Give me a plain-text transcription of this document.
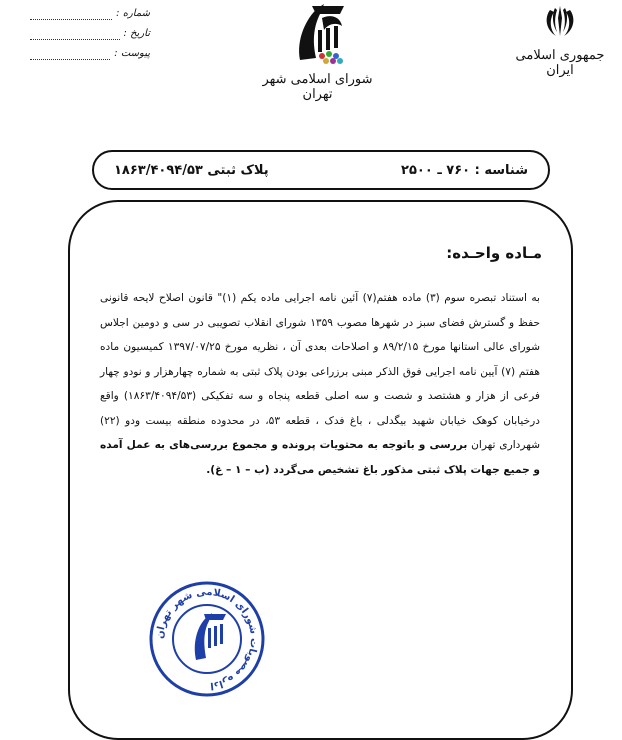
شماره :
تاریخ :
پیوست :
شورای اسلامی شهر تهران
جمهوری اسلامی ایران
شناسه : ٧۶٠ ـ ٢۵٠٠
پلاک ثبتی ١٨۶٣/۴٠٩۴/۵٣
مـاده واحـده:
به استناد تبصره سوم (٣) ماده هفتم(٧) آئین نامه اجرایی ماده یکم (١)" قانون اصلاح لایحه قانونی حفظ و گسترش فضای سبز در شهرها مصوب ١٣۵٩ شورای انقلاب تصویبی در سی و دومین اجلاس شورای عالی استانها مورخ ٨٩/٢/١۵ و اصلاحات بعدی آن ، نظریه مورخ ١٣٩٧/٠٧/٢۵ کمیسیون ماده هفتم (٧) آیین نامه اجرایی فوق الذکر مبنی برزراعی بودن پلاک ثبتی به شماره چهارهزار و نودو چهار فرعی از هزار و هشتصد و شصت و سه اصلی قطعه پنجاه و سه تفکیکی (١٨۶٣/۴٠٩۴/۵٣) واقع درخیابان کوهک خیابان شهید بیگدلی ، باغ فدک ، قطعه ۵٣، در محدوده منطقه بیست ودو (٢٢) شهرداری تهران بررسی و باتوجه به محتویات پرونده و مجموع بررسی‌های به عمل آمده و جمیع جهات پلاک ثبتی مذکور باغ تشخیص می‌گردد (ب – ١ – غ).
اداره مصوبات شورای اسلامی شهر تهران
